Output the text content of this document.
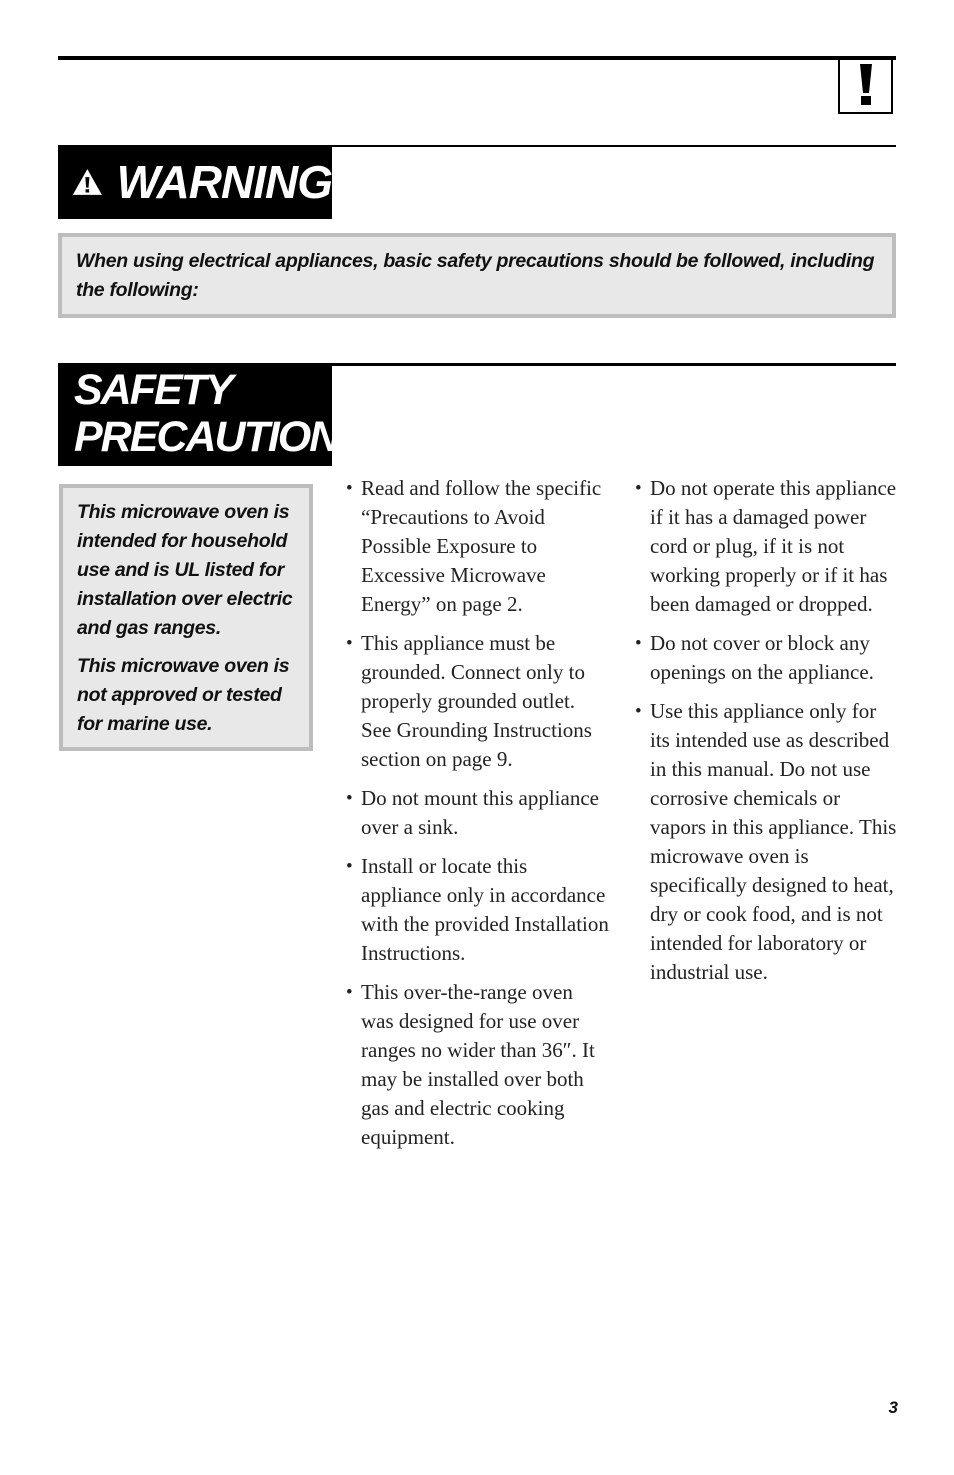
WARNING
When using electrical appliances, basic safety precautions should be followed, including the following:
SAFETY
PRECAUTIONS

This microwave oven is intended for household use and is UL listed for installation over electric and gas ranges.

This microwave oven is not approved or tested for marine use.

• Read and follow the specific “Precautions to Avoid Possible Exposure to Excessive Microwave Energy” on page 2.
• This appliance must be grounded. Connect only to properly grounded outlet. See Grounding Instructions section on page 9.
• Do not mount this appliance over a sink.
• Install or locate this appliance only in accordance with the provided Installation Instructions.
• This over-the-range oven was designed for use over ranges no wider than 36″. It may be installed over both gas and electric cooking equipment.
• Do not operate this appliance if it has a damaged power cord or plug, if it is not working properly or if it has been damaged or dropped.
• Do not cover or block any openings on the appliance.
• Use this appliance only for its intended use as described in this manual. Do not use corrosive chemicals or vapors in this appliance. This microwave oven is specifically designed to heat, dry or cook food, and is not intended for laboratory or industrial use.
3
